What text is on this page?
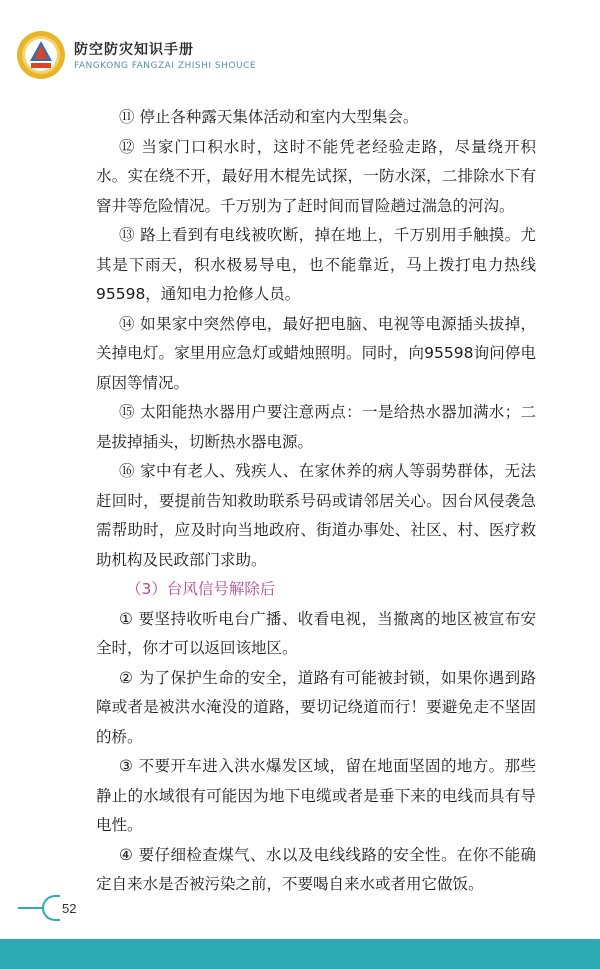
防空防灾知识手册
FANGKONG FANGZAI ZHISHI SHOUCE

⑪ 停止各种露天集体活动和室内大型集会。

⑫ 当家门口积水时，这时不能凭老经验走路，尽量绕开积水。实在绕不开，最好用木棍先试探，一防水深，二排除水下有窨井等危险情况。千万别为了赶时间而冒险趟过湍急的河沟。

⑬ 路上看到有电线被吹断，掉在地上，千万别用手触摸。尤其是下雨天，积水极易导电，也不能靠近，马上拨打电力热线95598，通知电力抢修人员。

⑭ 如果家中突然停电，最好把电脑、电视等电源插头拔掉，关掉电灯。家里用应急灯或蜡烛照明。同时，向95598询问停电原因等情况。

⑮ 太阳能热水器用户要注意两点：一是给热水器加满水；二是拔掉插头，切断热水器电源。

⑯ 家中有老人、残疾人、在家休养的病人等弱势群体，无法赶回时，要提前告知救助联系号码或请邻居关心。因台风侵袭急需帮助时，应及时向当地政府、街道办事处、社区、村、医疗救助机构及民政部门求助。

（3）台风信号解除后

① 要坚持收听电台广播、收看电视，当撤离的地区被宣布安全时，你才可以返回该地区。

② 为了保护生命的安全，道路有可能被封锁，如果你遇到路障或者是被洪水淹没的道路，要切记绕道而行！要避免走不坚固的桥。

③ 不要开车进入洪水爆发区域，留在地面坚固的地方。那些静止的水域很有可能因为地下电缆或者是垂下来的电线而具有导电性。

④ 要仔细检查煤气、水以及电线线路的安全性。在你不能确定自来水是否被污染之前，不要喝自来水或者用它做饭。

52
